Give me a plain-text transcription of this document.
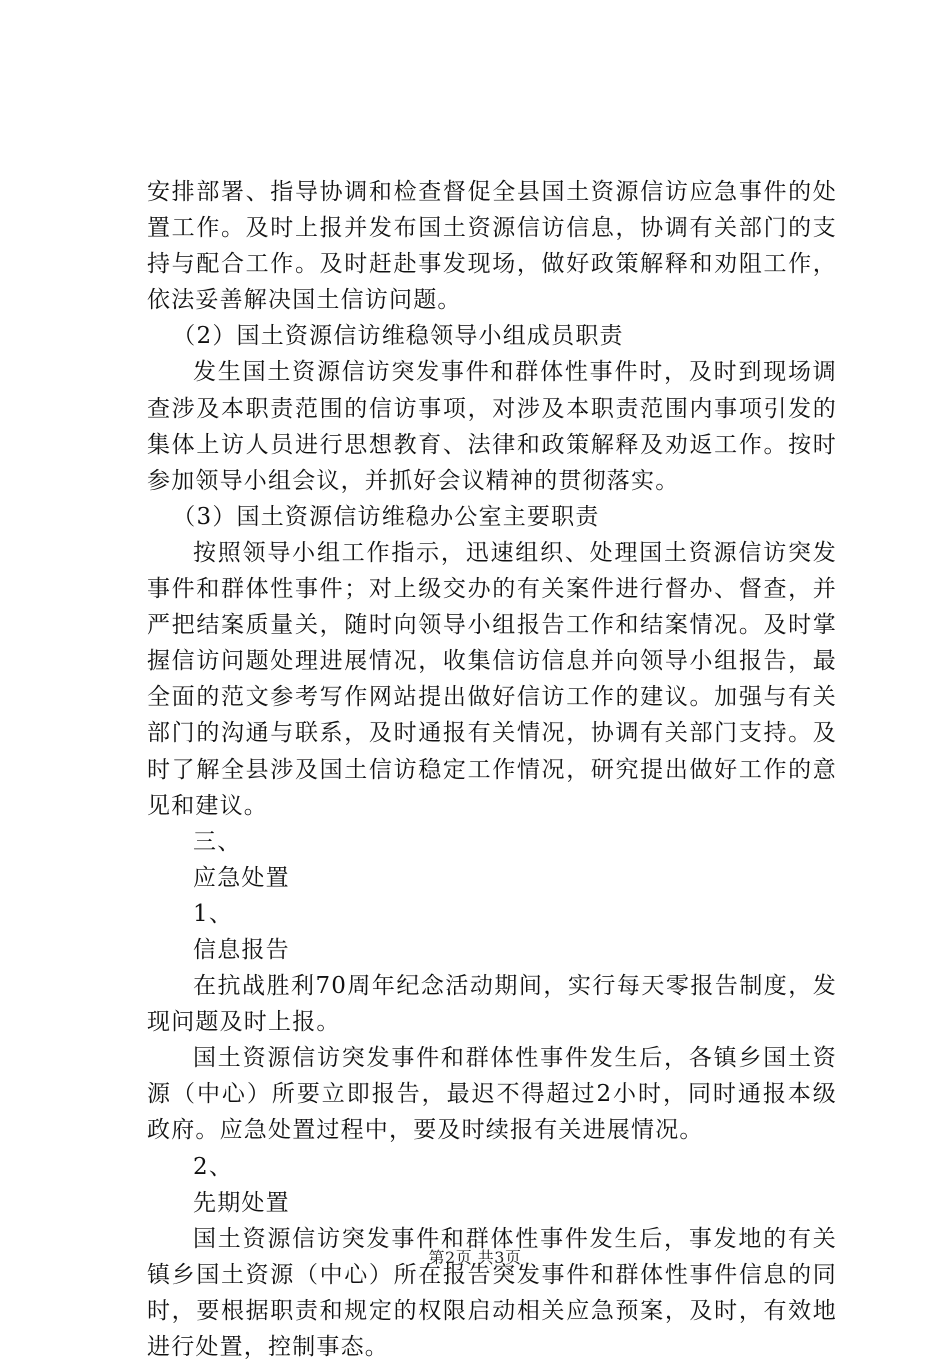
安排部署、指导协调和检查督促全县国土资源信访应急事件的处置工作。及时上报并发布国土资源信访信息，协调有关部门的支持与配合工作。及时赶赴事发现场，做好政策解释和劝阻工作，依法妥善解决国土信访问题。

（2）国土资源信访维稳领导小组成员职责

发生国土资源信访突发事件和群体性事件时，及时到现场调查涉及本职责范围的信访事项，对涉及本职责范围内事项引发的集体上访人员进行思想教育、法律和政策解释及劝返工作。按时参加领导小组会议，并抓好会议精神的贯彻落实。

（3）国土资源信访维稳办公室主要职责

按照领导小组工作指示，迅速组织、处理国土资源信访突发事件和群体性事件；对上级交办的有关案件进行督办、督查，并严把结案质量关，随时向领导小组报告工作和结案情况。及时掌握信访问题处理进展情况，收集信访信息并向领导小组报告，最全面的范文参考写作网站提出做好信访工作的建议。加强与有关部门的沟通与联系，及时通报有关情况，协调有关部门支持。及时了解全县涉及国土信访稳定工作情况，研究提出做好工作的意见和建议。

三、

应急处置

1、

信息报告

在抗战胜利70周年纪念活动期间，实行每天零报告制度，发现问题及时上报。

国土资源信访突发事件和群体性事件发生后，各镇乡国土资源（中心）所要立即报告，最迟不得超过2小时，同时通报本级政府。应急处置过程中，要及时续报有关进展情况。

2、

先期处置

国土资源信访突发事件和群体性事件发生后，事发地的有关镇乡国土资源（中心）所在报告突发事件和群体性事件信息的同时，要根据职责和规定的权限启动相关应急预案，及时，有效地进行处置，控制事态。

第2页 共3页
